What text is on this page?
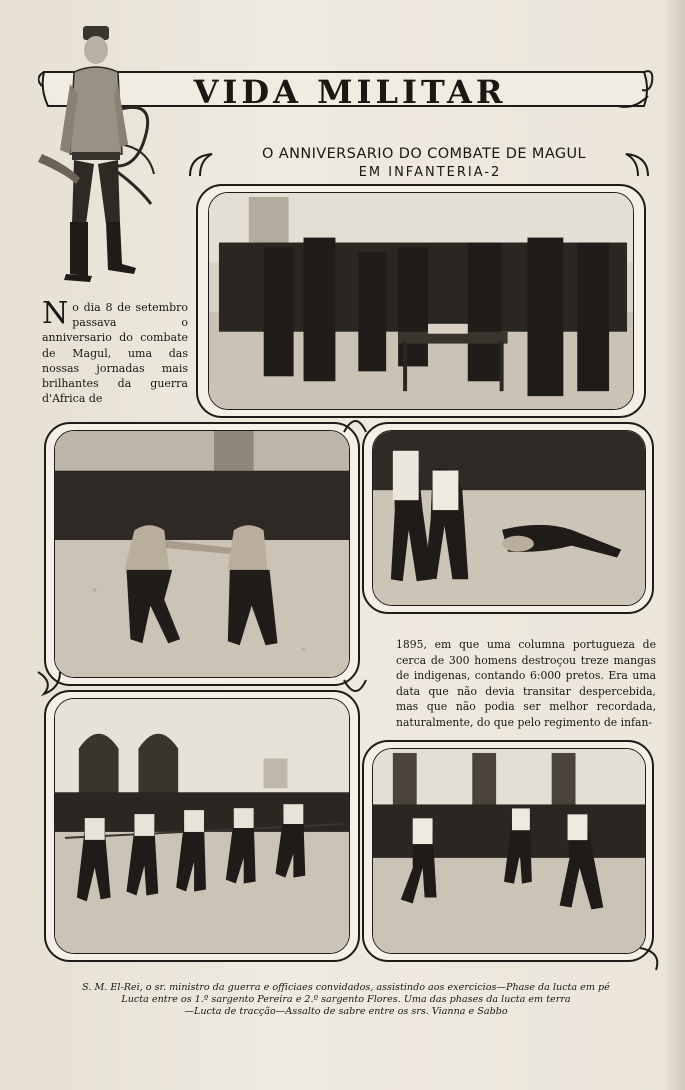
VIDA MILITAR
O ANNIVERSARIO DO COMBATE DE MAGUL
EM INFANTERIA-2
No dia 8 de setembro passava o anniversario do combate de Magul, uma das nossas jornadas mais brilhantes da guerra d'Africa de
1895, em que uma columna portugueza de cerca de 300 homens destroçou treze mangas de indigenas, contando 6:000 pretos. Era uma data que não devia transitar despercebida, mas que não podia ser melhor recordada, naturalmente, do que pelo regimento de infan-

S. M. El-Rei, o sr. ministro da guerra e officiaes convidados, assistindo aos exercicios—Phase da lucta em pé

Lucta entre os 1.º sargento Pereira e 2.º sargento Flores. Uma das phases da lucta em terra

—Lucta de tracção—Assalto de sabre entre os srs. Vianna e Sabbo
